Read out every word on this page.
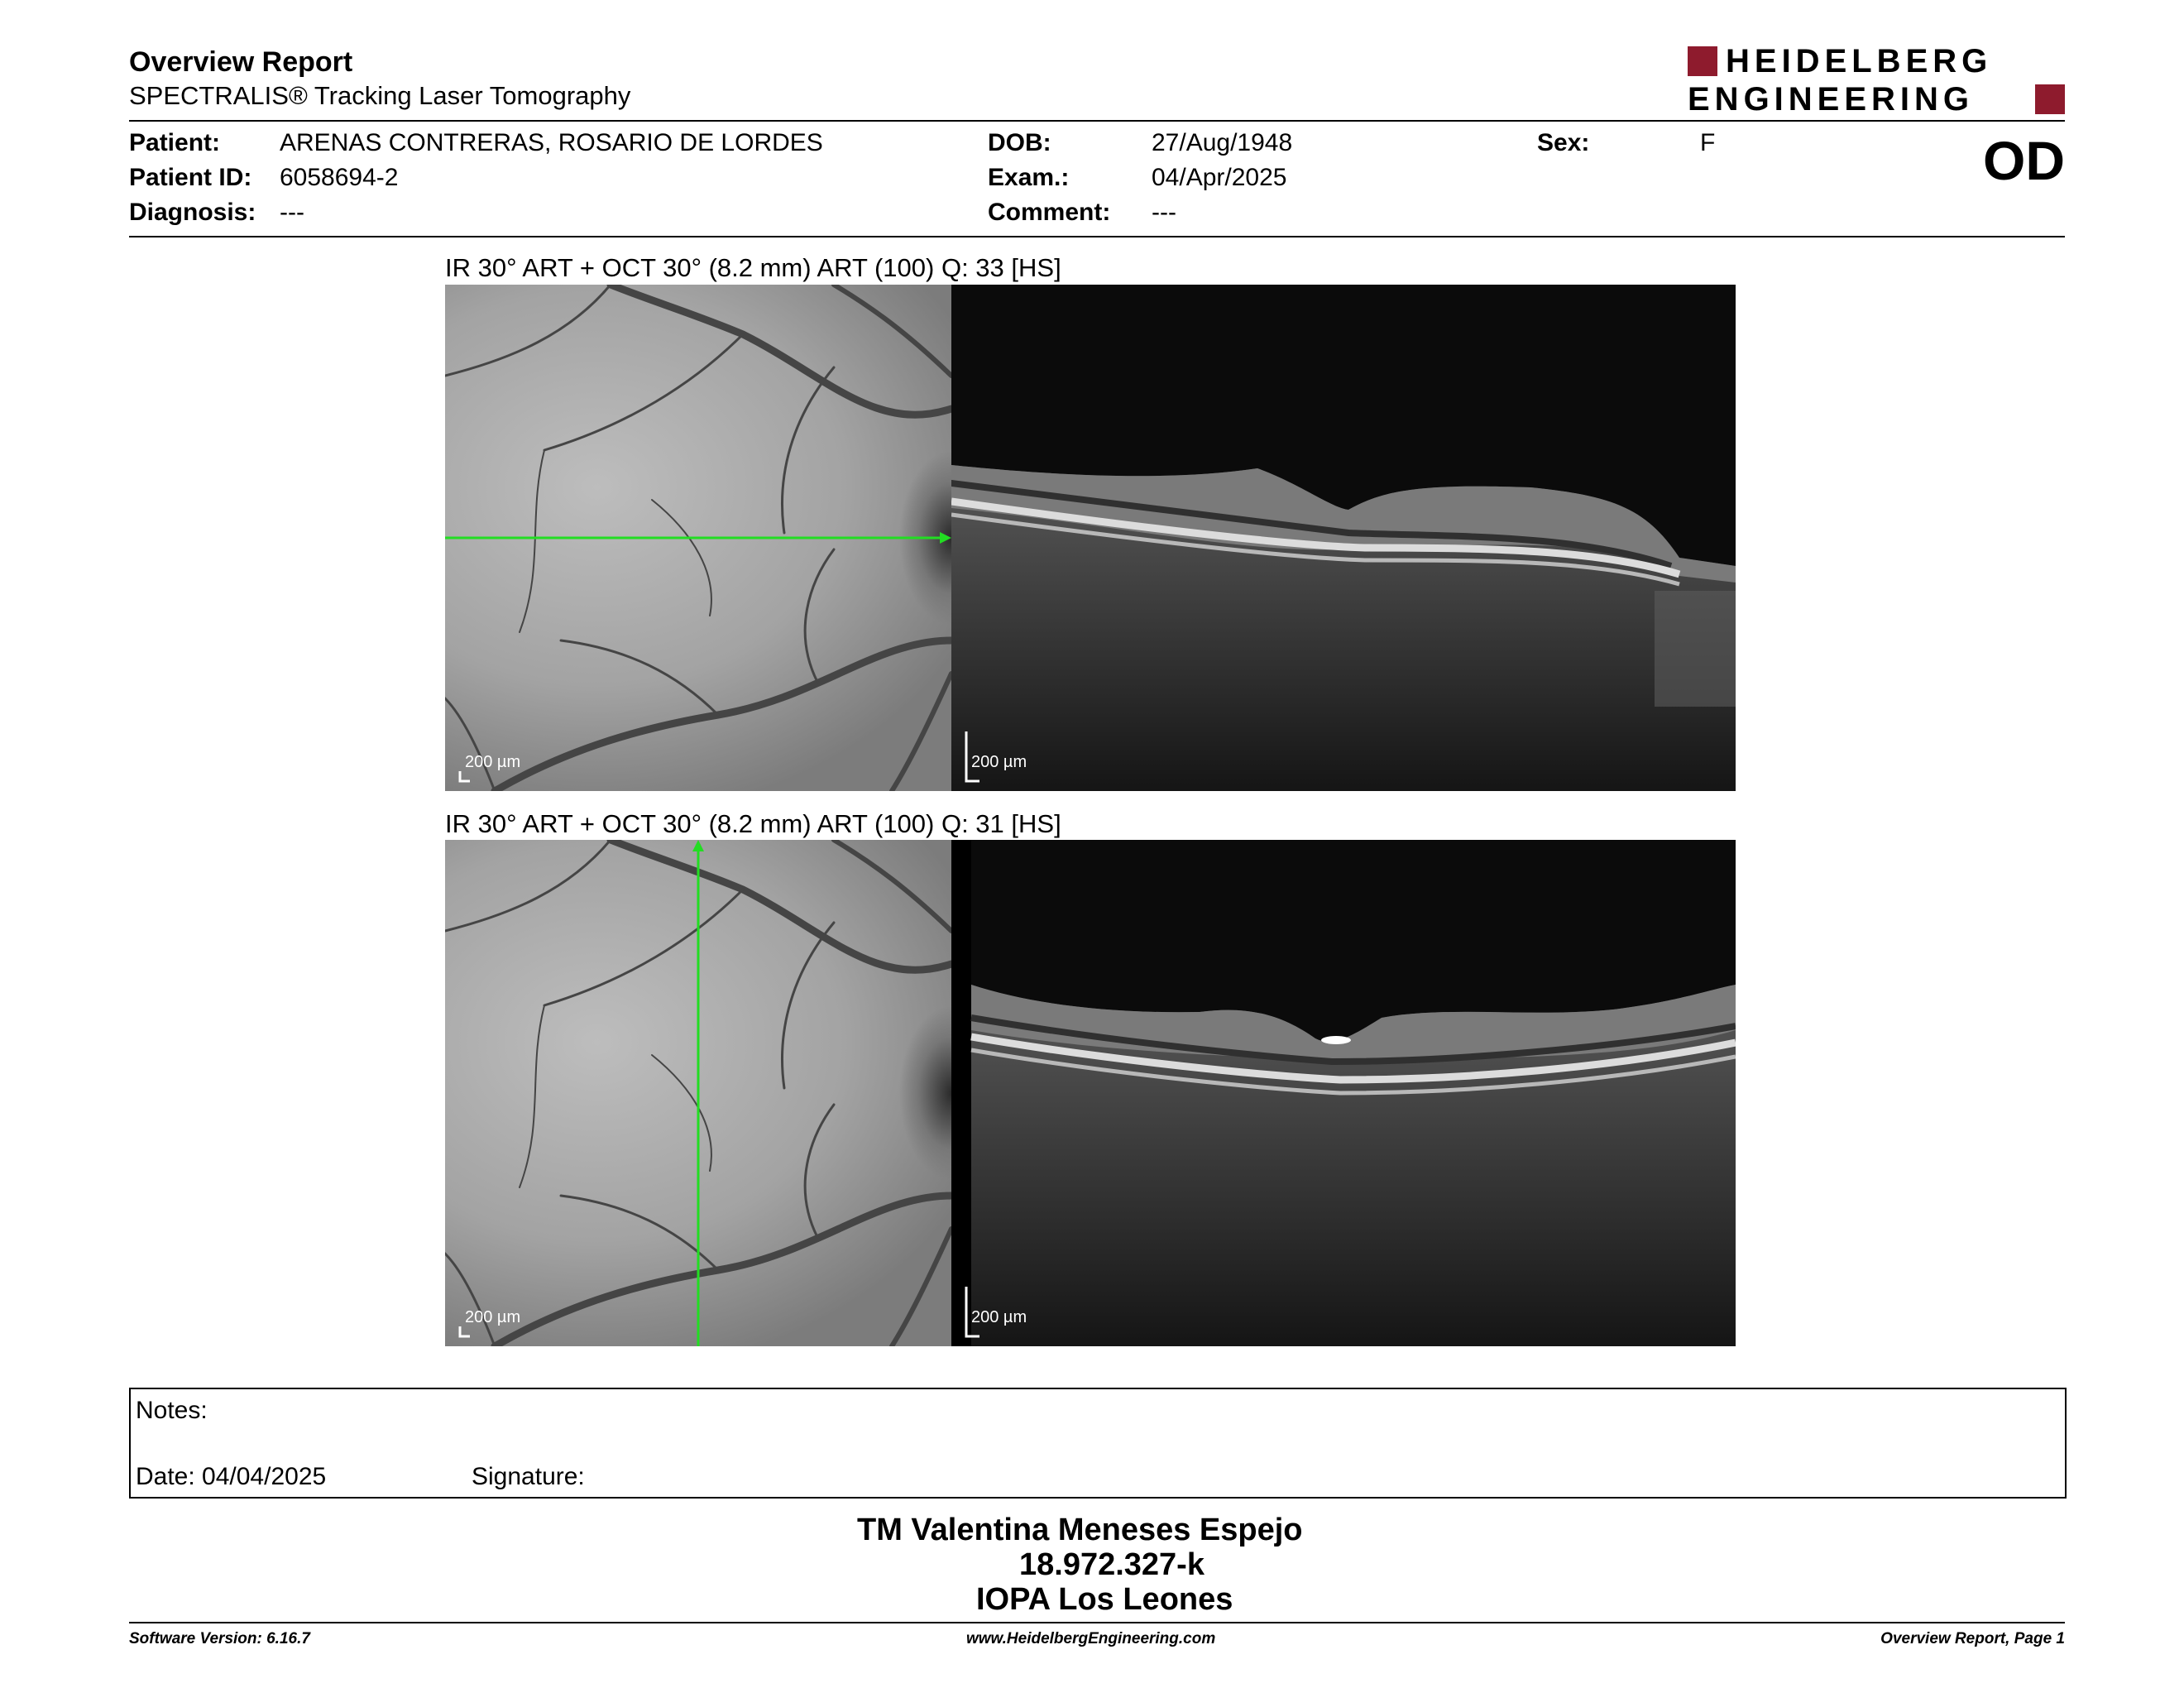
Overview Report
SPECTRALIS® Tracking Laser Tomography
HEIDELBERG
ENGINEERING
Patient: ARENAS CONTRERAS, ROSARIO DE LORDES
Patient ID: 6058694-2
Diagnosis: ---
DOB:	27/Aug/1948
Exam.:	04/Apr/2025
Comment: ---
Sex:	F	OD
IR 30° ART + OCT 30° (8.2 mm) ART (100) Q: 33 [HS]
200 µm	200 µm
IR 30° ART + OCT 30° (8.2 mm) ART (100) Q: 31 [HS]
200 µm	200 µm
Notes:
Date: 04/04/2025	Signature:
TM Valentina Meneses Espejo
18.972.327-k
IOPA Los Leones
Software Version: 6.16.7	www.HeidelbergEngineering.com	Overview Report, Page 1
